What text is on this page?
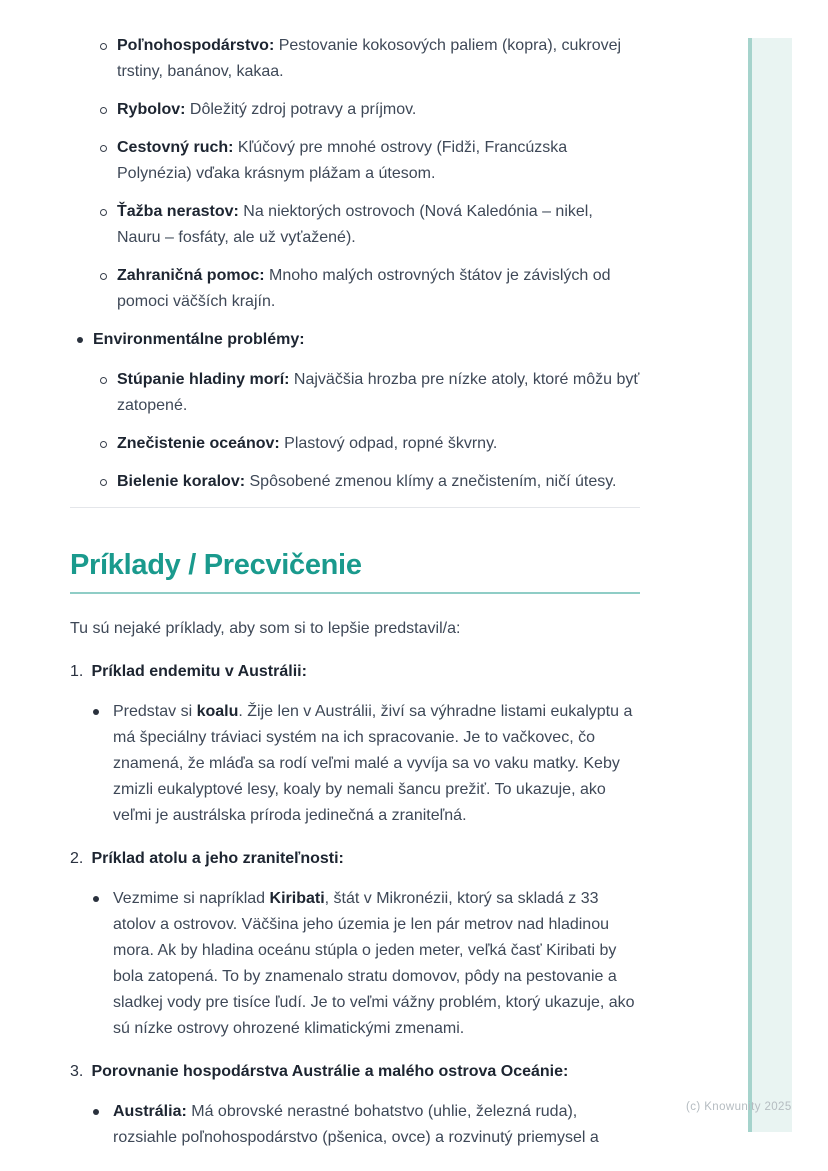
(c) Knowunity 2025
Poľnohospodárstvo: Pestovanie kokosových paliem (kopra), cukrovej trstiny, banánov, kakaa.
Rybolov: Dôležitý zdroj potravy a príjmov.
Cestovný ruch: Kľúčový pre mnohé ostrovy (Fidži, Francúzska Polynézia) vďaka krásnym plážam a útesom.
Ťažba nerastov: Na niektorých ostrovoch (Nová Kaledónia – nikel, Nauru – fosfáty, ale už vyťažené).
Zahraničná pomoc: Mnoho malých ostrovných štátov je závislých od pomoci väčších krajín.
Environmentálne problémy:
Stúpanie hladiny morí: Najväčšia hrozba pre nízke atoly, ktoré môžu byť zatopené.
Znečistenie oceánov: Plastový odpad, ropné škvrny.
Bielenie koralov: Spôsobené zmenou klímy a znečistením, ničí útesy.
Príklady / Precvičenie

Tu sú nejaké príklady, aby som si to lepšie predstavil/a:

1. Príklad endemitu v Austrálii:
Predstav si koalu. Žije len v Austrálii, živí sa výhradne listami eukalyptu a má špeciálny tráviaci systém na ich spracovanie. Je to vačkovec, čo znamená, že mláďa sa rodí veľmi malé a vyvíja sa vo vaku matky. Keby zmizli eukalyptové lesy, koaly by nemali šancu prežiť. To ukazuje, ako veľmi je austrálska príroda jedinečná a zraniteľná.
2. Príklad atolu a jeho zraniteľnosti:
Vezmime si napríklad Kiribati, štát v Mikronézii, ktorý sa skladá z 33 atolov a ostrovov. Väčšina jeho územia je len pár metrov nad hladinou mora. Ak by hladina oceánu stúpla o jeden meter, veľká časť Kiribati by bola zatopená. To by znamenalo stratu domovov, pôdy na pestovanie a sladkej vody pre tisíce ľudí. Je to veľmi vážny problém, ktorý ukazuje, ako sú nízke ostrovy ohrozené klimatickými zmenami.
3. Porovnanie hospodárstva Austrálie a malého ostrova Oceánie:
Austrália: Má obrovské nerastné bohatstvo (uhlie, železná ruda), rozsiahle poľnohospodárstvo (pšenica, ovce) a rozvinutý priemysel a
